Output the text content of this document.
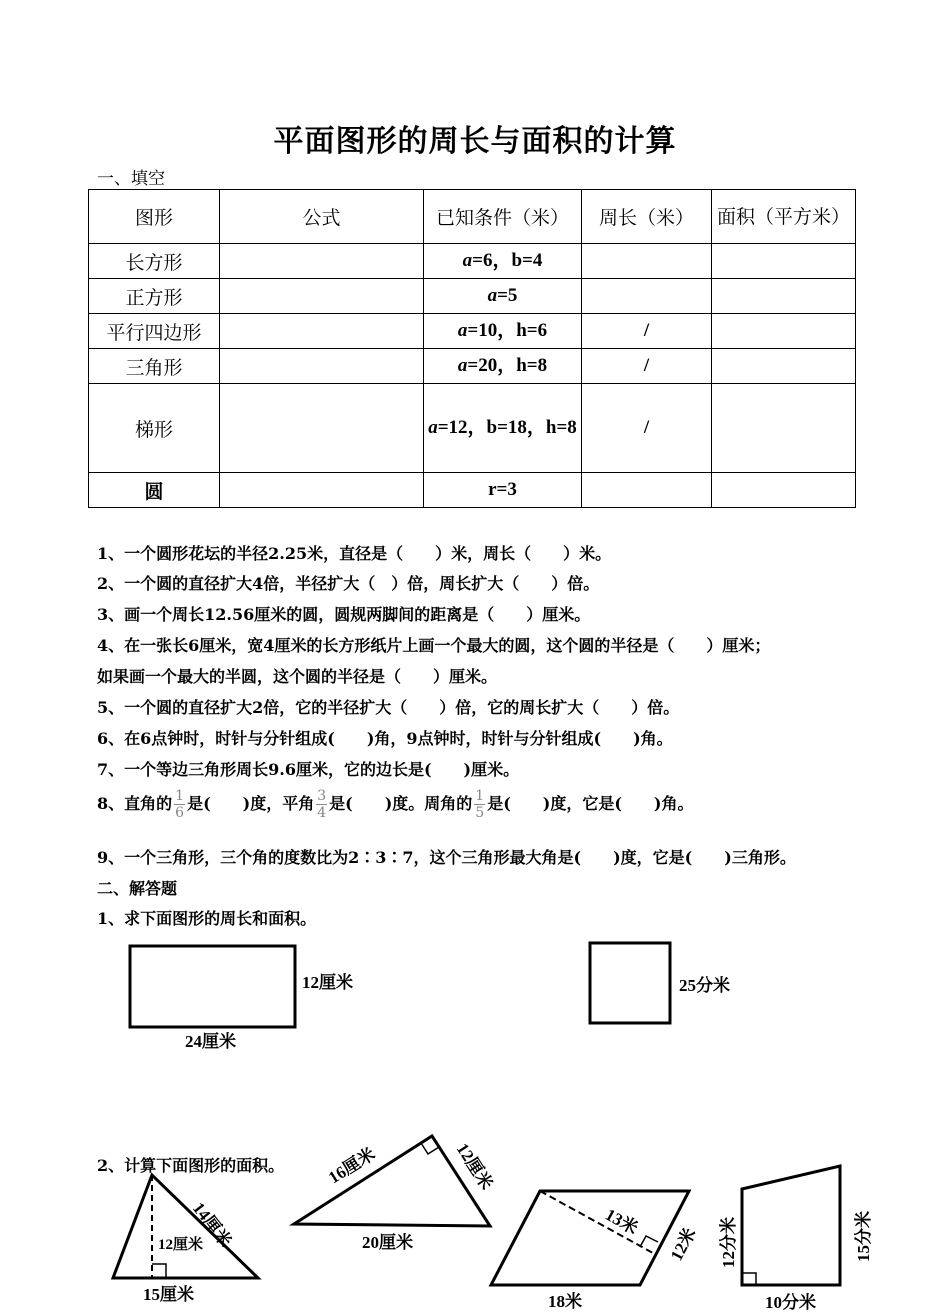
平面图形的周长与面积的计算
一、填空
图形	公式	已知条件（米）	周长（米）	面积（平方米）
长方形		a=6，b=4		
正方形		a=5		
平行四边形		a=10，h=6	/	
三角形		a=20，h=8	/	
梯形		a=12，b=18，h=8	/	
圆		r=3		
1、一个圆形花坛的半径2.25米，直径是（　　）米，周长（　　）米。
2、一个圆的直径扩大4倍，半径扩大（　）倍，周长扩大（　　）倍。
3、画一个周长12.56厘米的圆，圆规两脚间的距离是（　　）厘米。
4、在一张长6厘米，宽4厘米的长方形纸片上画一个最大的圆，这个圆的半径是（　　）厘米；
如果画一个最大的半圆，这个圆的半径是（　　）厘米。
5、一个圆的直径扩大2倍，它的半径扩大（　　）倍，它的周长扩大（　　）倍。
6、在6点钟时，时针与分针组成(　　)角，9点钟时，时针与分针组成(　　)角。
7、一个等边三角形周长9.6厘米，它的边长是(　　)厘米。
8、直角的 $\frac{1}{6}$ 是(　　)度，平角 $\frac{3}{4}$ 是(　　)度。周角的 $\frac{1}{5}$ 是(　　)度，它是(　　)角。
9、一个三角形，三个角的度数比为2∶3∶7，这个三角形最大角是(　　)度，它是(　　)三角形。
二、解答题
1、求下面图形的周长和面积。
2、计算下面图形的面积。
12厘米
24厘米
25分米
12厘米
14厘米
15厘米
16厘米	12厘米
20厘米
13米
12米
18米
12分米	15分米
10分米
